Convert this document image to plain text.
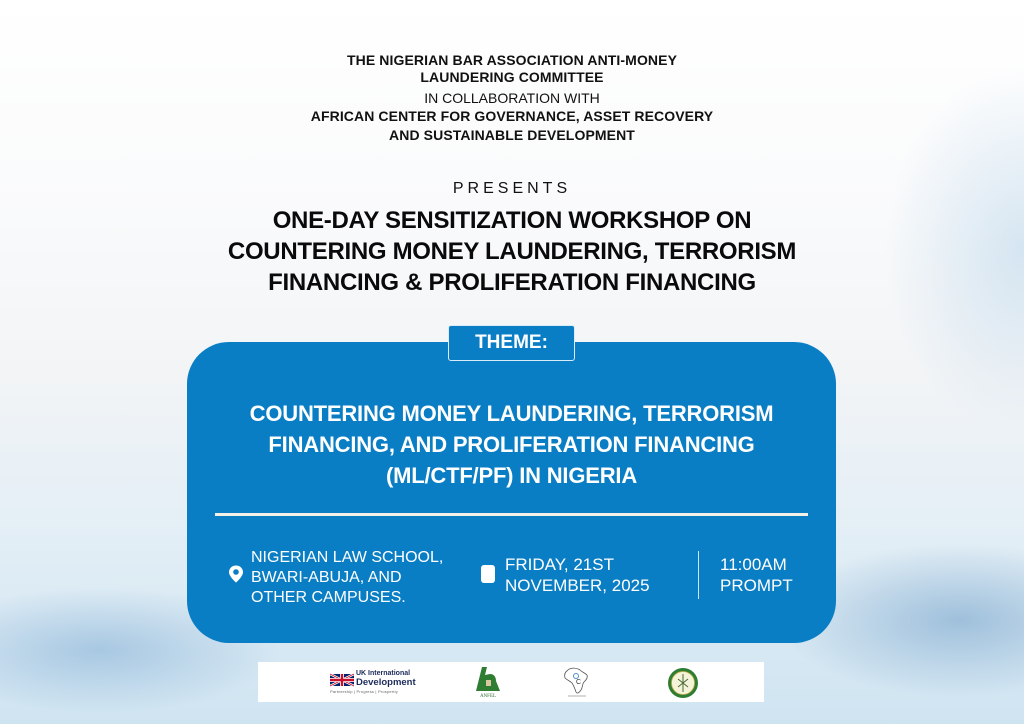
THE NIGERIAN BAR ASSOCIATION ANTI-MONEY
LAUNDERING COMMITTEE
IN COLLABORATION WITH
AFRICAN CENTER FOR GOVERNANCE, ASSET RECOVERY
AND SUSTAINABLE DEVELOPMENT
PRESENTS
ONE-DAY SENSITIZATION WORKSHOP ON
COUNTERING MONEY LAUNDERING, TERRORISM
FINANCING & PROLIFERATION FINANCING
THEME:
COUNTERING MONEY LAUNDERING, TERRORISM
FINANCING, AND PROLIFERATION FINANCING
(ML/CTF/PF) IN NIGERIA
NIGERIAN LAW SCHOOL,
BWARI-ABUJA, AND
OTHER CAMPUSES.
FRIDAY, 21ST
NOVEMBER, 2025
11:00AM
PROMPT
UK International
Development
Partnership | Progress | Prosperity
ANFEL
C
